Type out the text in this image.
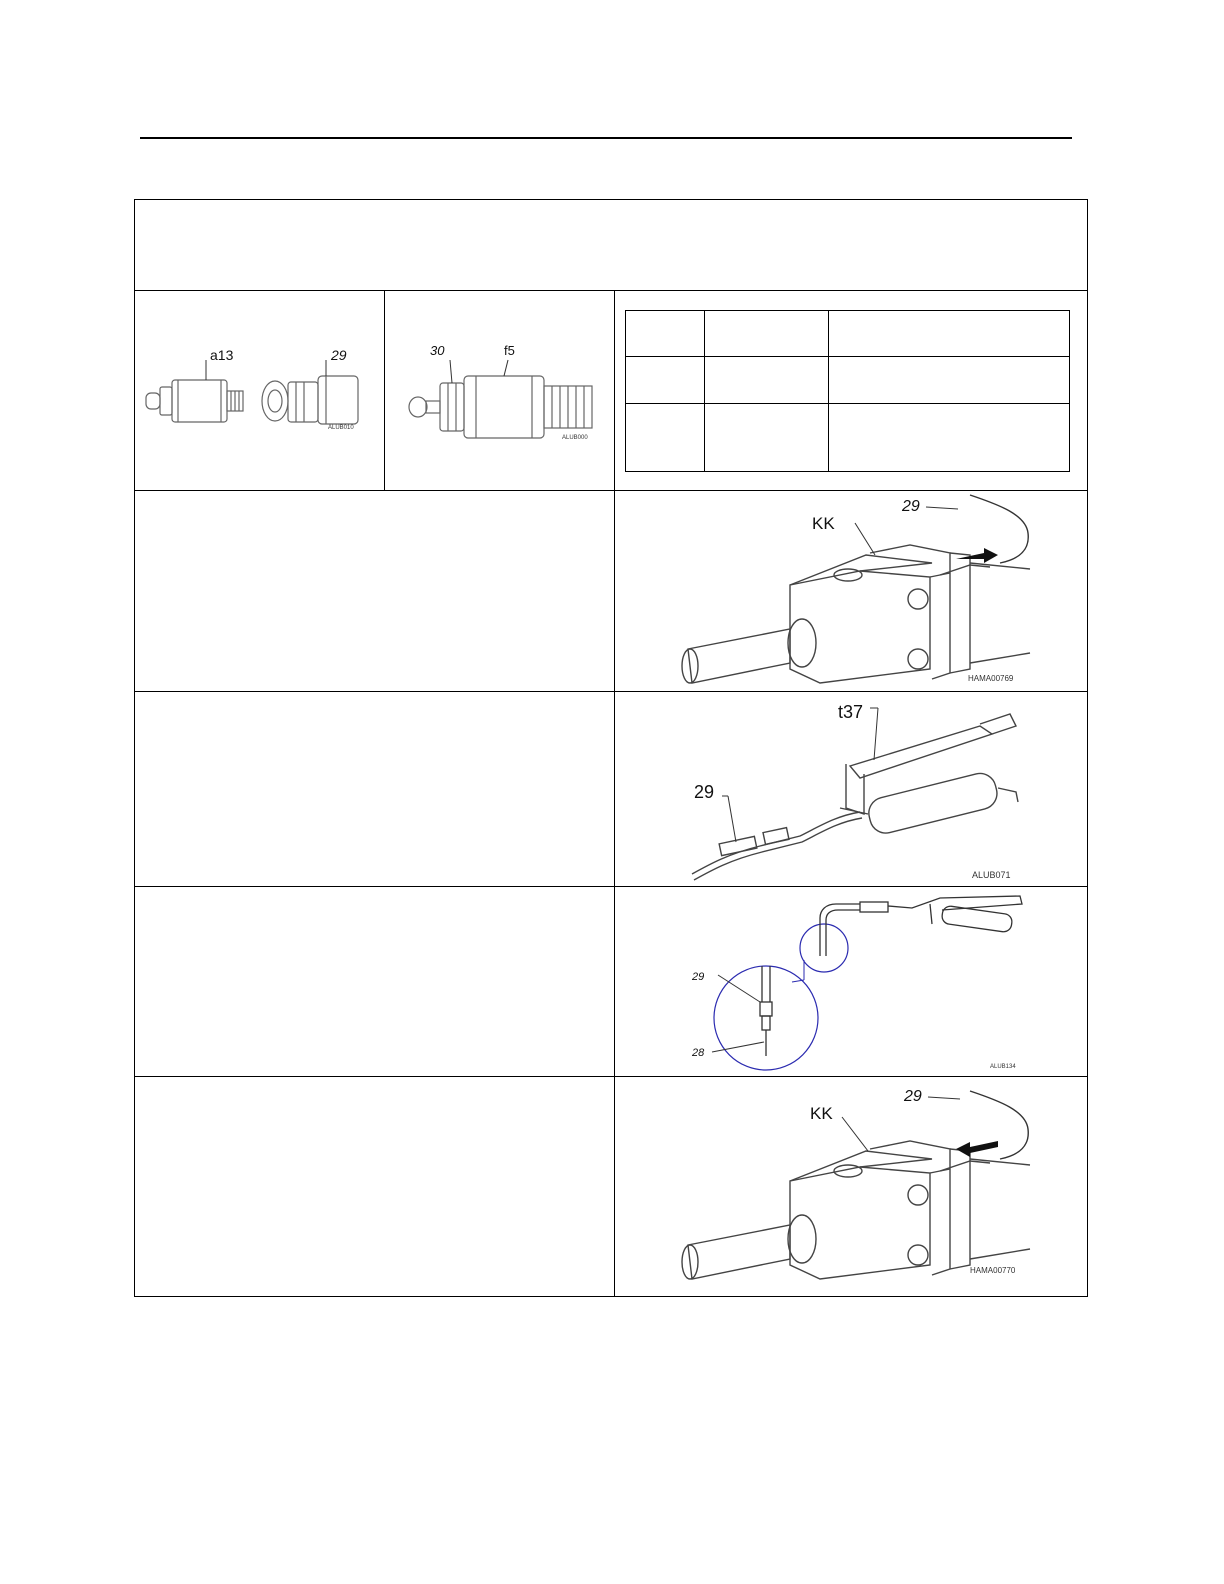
a13	29
ALUB010
30	f5
ALUB000
KK
29
HAMA00769
t37
29
ALUB071
29
28
ALUB134
KK
29
HAMA00770
